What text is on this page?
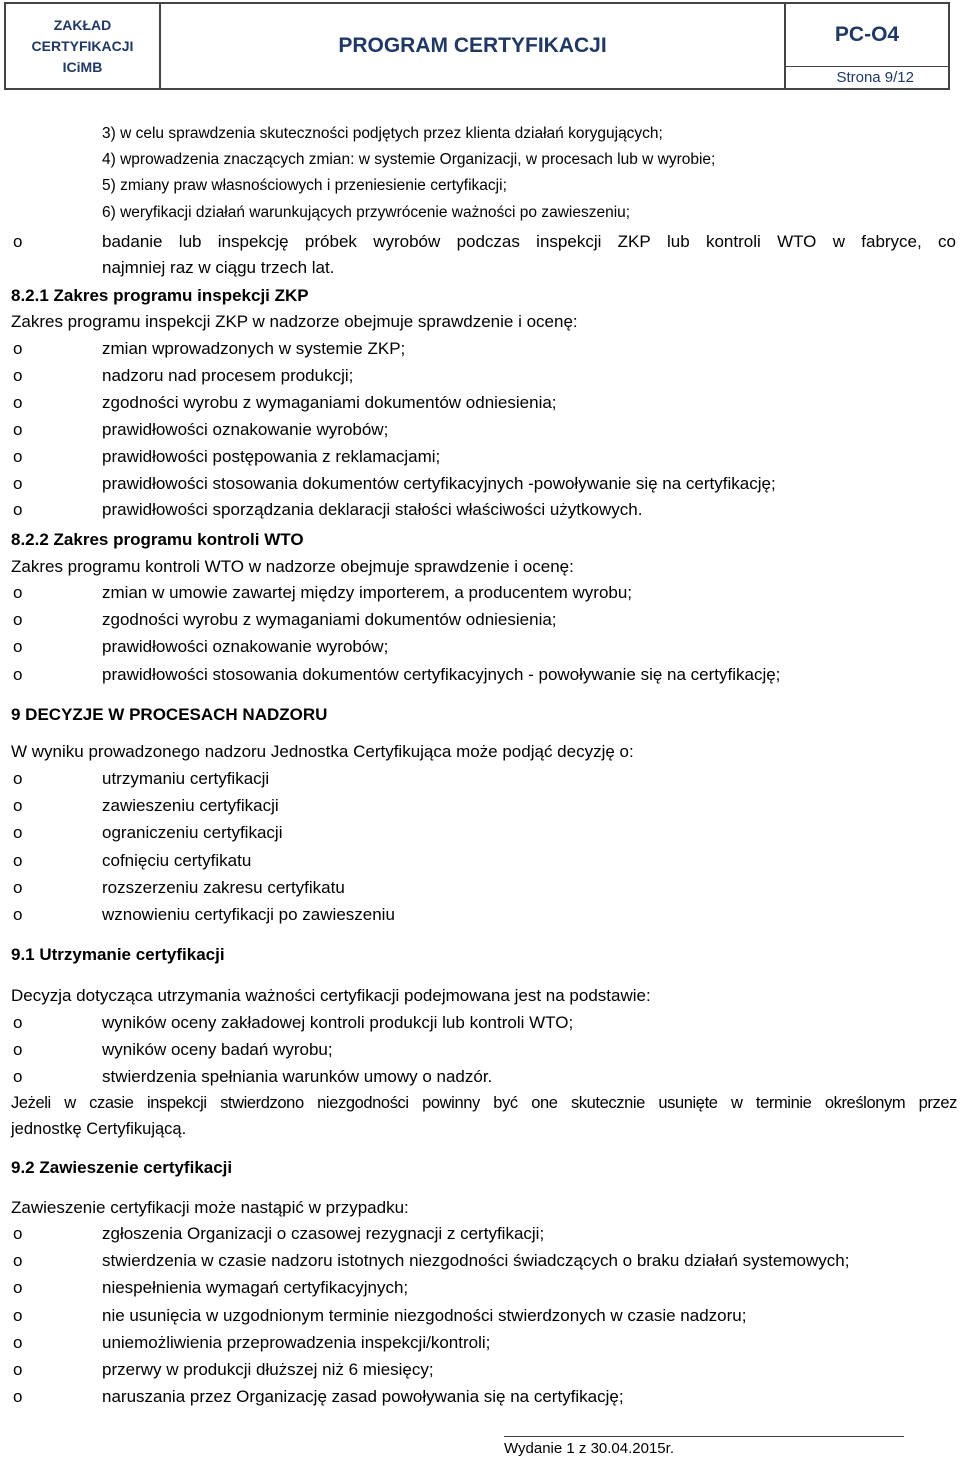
ZAKŁAD
CERTYFIKACJI
ICiMB
PROGRAM CERTYFIKACJI	PC-O4
Strona 9/12
3) w celu sprawdzenia skuteczności podjętych przez klienta działań korygujących;
4) wprowadzenia znaczących zmian: w systemie Organizacji, w procesach lub w wyrobie;
5) zmiany praw własnościowych i przeniesienie certyfikacji;
6) weryfikacji działań warunkujących przywrócenie ważności po zawieszeniu;
o	badanie lub inspekcję próbek wyrobów podczas inspekcji ZKP lub kontroli WTO w fabryce, co
najmniej raz w ciągu trzech lat.
8.2.1 Zakres programu inspekcji ZKP
Zakres programu inspekcji ZKP w nadzorze obejmuje sprawdzenie i ocenę:
o	zmian wprowadzonych w systemie ZKP;
o	nadzoru nad procesem produkcji;
o	zgodności wyrobu z wymaganiami dokumentów odniesienia;
o	prawidłowości oznakowanie wyrobów;
o	prawidłowości postępowania z reklamacjami;
o	prawidłowości stosowania dokumentów certyfikacyjnych -powoływanie się na certyfikację;
o	prawidłowości sporządzania deklaracji stałości właściwości użytkowych.
8.2.2 Zakres programu kontroli WTO
Zakres programu kontroli WTO w nadzorze obejmuje sprawdzenie i ocenę:
o	zmian w umowie zawartej między importerem, a producentem wyrobu;
o	zgodności wyrobu z wymaganiami dokumentów odniesienia;
o	prawidłowości oznakowanie wyrobów;
o	prawidłowości stosowania dokumentów certyfikacyjnych - powoływanie się na certyfikację;
9 DECYZJE W PROCESACH NADZORU
W wyniku prowadzonego nadzoru Jednostka Certyfikująca może podjąć decyzję o:
o	utrzymaniu certyfikacji
o	zawieszeniu certyfikacji
o	ograniczeniu certyfikacji
o	cofnięciu certyfikatu
o	rozszerzeniu zakresu certyfikatu
o	wznowieniu certyfikacji po zawieszeniu
9.1 Utrzymanie certyfikacji
Decyzja dotycząca utrzymania ważności certyfikacji podejmowana jest na podstawie:
o	wyników oceny zakładowej kontroli produkcji lub kontroli WTO;
o	wyników oceny badań wyrobu;
o	stwierdzenia spełniania warunków umowy o nadzór.
Jeżeli w czasie inspekcji stwierdzono niezgodności powinny być one skutecznie usunięte w terminie określonym przez
jednostkę Certyfikującą.
9.2 Zawieszenie certyfikacji
Zawieszenie certyfikacji może nastąpić w przypadku:
o	zgłoszenia Organizacji o czasowej rezygnacji z certyfikacji;
o	stwierdzenia w czasie nadzoru istotnych niezgodności świadczących o braku działań systemowych;
o	niespełnienia wymagań certyfikacyjnych;
o	nie usunięcia w uzgodnionym terminie niezgodności stwierdzonych w czasie nadzoru;
o	uniemożliwienia przeprowadzenia inspekcji/kontroli;
o	przerwy w produkcji dłuższej niż 6 miesięcy;
o	naruszania przez Organizację zasad powoływania się na certyfikację;
Wydanie 1 z 30.04.2015r.
